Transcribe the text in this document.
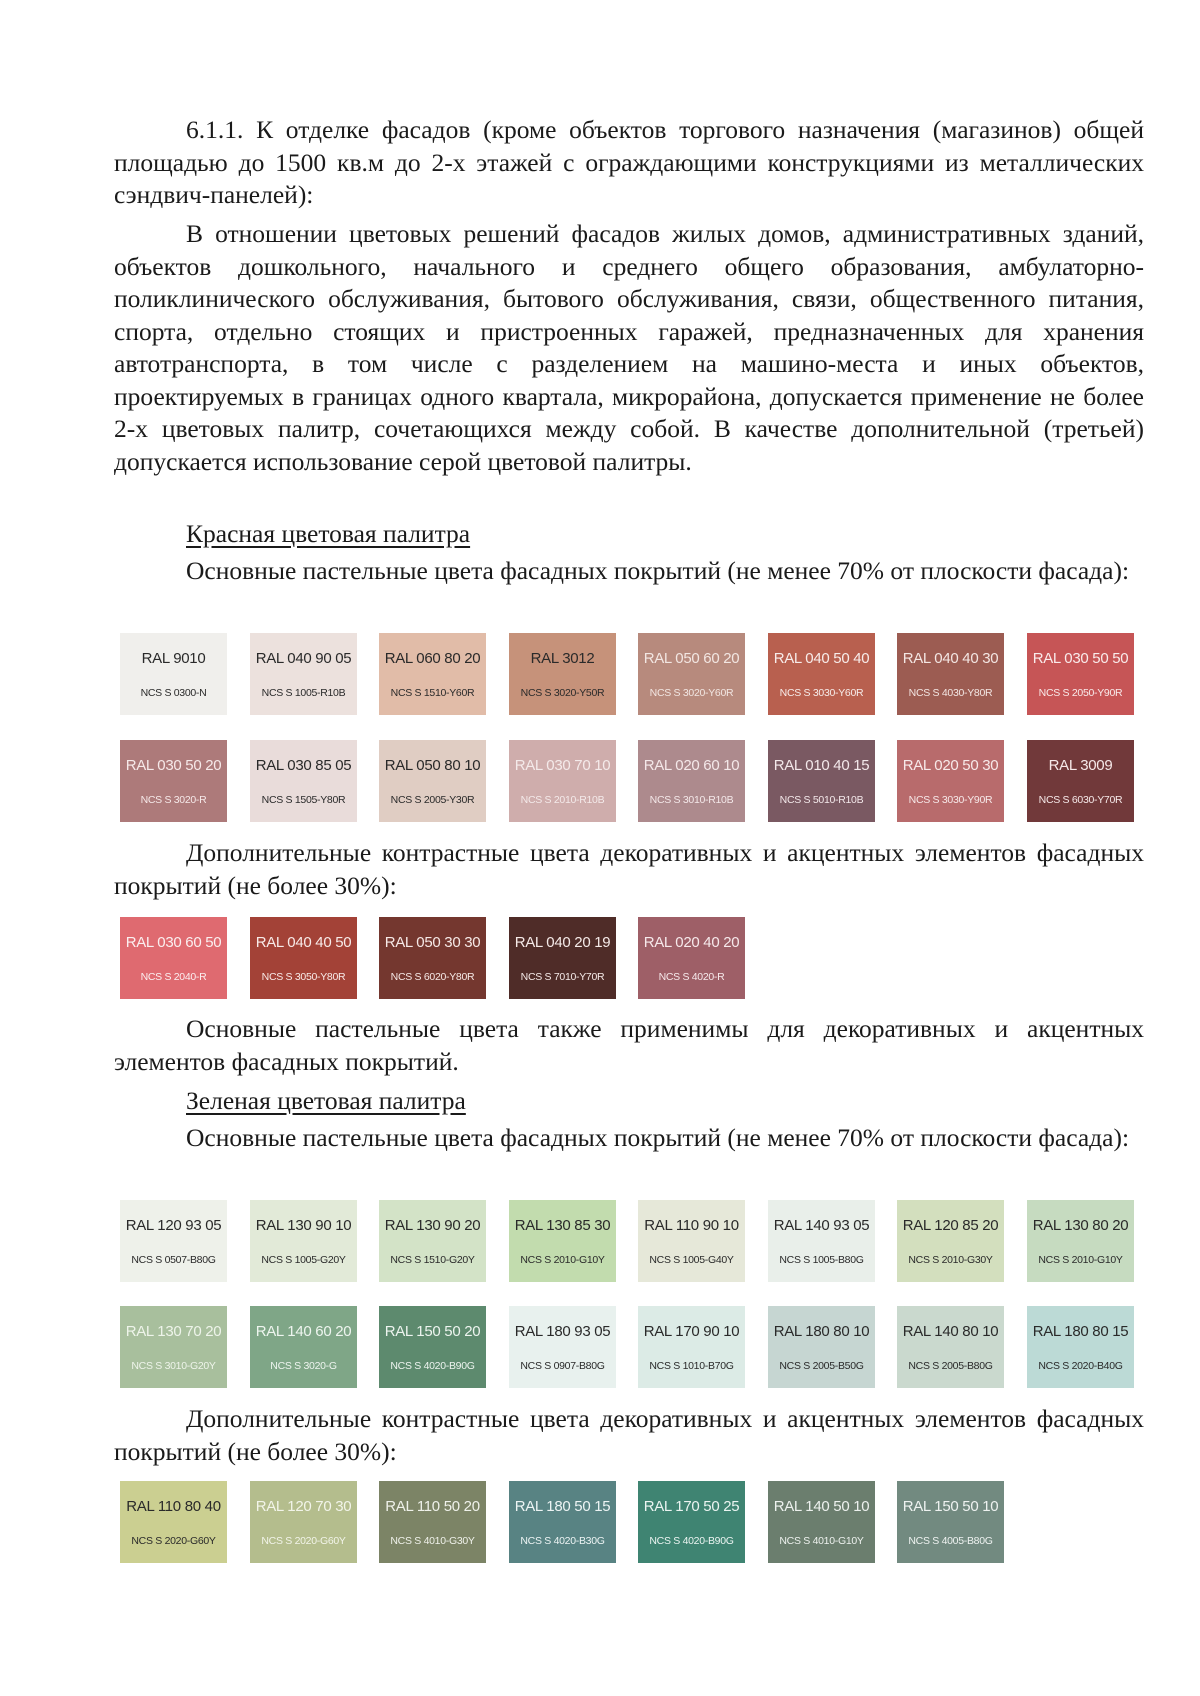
6.1.1. К отделке фасадов (кроме объектов торгового назначения (магазинов) общей площадью до 1500 кв.м до 2-х этажей с ограждающими конструкциями из металлических сэндвич-панелей):

В отношении цветовых решений фасадов жилых домов, административных зданий, объектов дошкольного, начального и среднего общего образования, амбулаторно-поликлинического обслуживания, бытового обслуживания, связи, общественного питания, спорта, отдельно стоящих и пристроенных гаражей, предназначенных для хранения автотранспорта, в том числе с разделением на машино-места и иных объектов, проектируемых в границах одного квартала, микрорайона, допускается применение не более 2-х цветовых палитр, сочетающихся между собой. В качестве дополнительной (третьей) допускается использование серой цветовой палитры.

Красная цветовая палитра

Основные пастельные цвета фасадных покрытий (не менее 70% от плоскости фасада):

RAL 9010
NCS S 0300-N
RAL 040 90 05
NCS S 1005-R10B
RAL 060 80 20
NCS S 1510-Y60R
RAL 3012
NCS S 3020-Y50R
RAL 050 60 20
NCS S 3020-Y60R
RAL 040 50 40
NCS S 3030-Y60R
RAL 040 40 30
NCS S 4030-Y80R
RAL 030 50 50
NCS S 2050-Y90R
RAL 030 50 20
NCS S 3020-R
RAL 030 85 05
NCS S 1505-Y80R
RAL 050 80 10
NCS S 2005-Y30R
RAL 030 70 10
NCS S 2010-R10B
RAL 020 60 10
NCS S 3010-R10B
RAL 010 40 15
NCS S 5010-R10B
RAL 020 50 30
NCS S 3030-Y90R
RAL 3009
NCS S 6030-Y70R

Дополнительные контрастные цвета декоративных и акцентных элементов фасадных покрытий (не более 30%):

RAL 030 60 50
NCS S 2040-R
RAL 040 40 50
NCS S 3050-Y80R
RAL 050 30 30
NCS S 6020-Y80R
RAL 040 20 19
NCS S 7010-Y70R
RAL 020 40 20
NCS S 4020-R

Основные пастельные цвета также применимы для декоративных и акцентных элементов фасадных покрытий.

Зеленая цветовая палитра

Основные пастельные цвета фасадных покрытий (не менее 70% от плоскости фасада):

RAL 120 93 05
NCS S 0507-B80G
RAL 130 90 10
NCS S 1005-G20Y
RAL 130 90 20
NCS S 1510-G20Y
RAL 130 85 30
NCS S 2010-G10Y
RAL 110 90 10
NCS S 1005-G40Y
RAL 140 93 05
NCS S 1005-B80G
RAL 120 85 20
NCS S 2010-G30Y
RAL 130 80 20
NCS S 2010-G10Y
RAL 130 70 20
NCS S 3010-G20Y
RAL 140 60 20
NCS S 3020-G
RAL 150 50 20
NCS S 4020-B90G
RAL 180 93 05
NCS S 0907-B80G
RAL 170 90 10
NCS S 1010-B70G
RAL 180 80 10
NCS S 2005-B50G
RAL 140 80 10
NCS S 2005-B80G
RAL 180 80 15
NCS S 2020-B40G

Дополнительные контрастные цвета декоративных и акцентных элементов фасадных покрытий (не более 30%):

RAL 110 80 40
NCS S 2020-G60Y
RAL 120 70 30
NCS S 2020-G60Y
RAL 110 50 20
NCS S 4010-G30Y
RAL 180 50 15
NCS S 4020-B30G
RAL 170 50 25
NCS S 4020-B90G
RAL 140 50 10
NCS S 4010-G10Y
RAL 150 50 10
NCS S 4005-B80G
